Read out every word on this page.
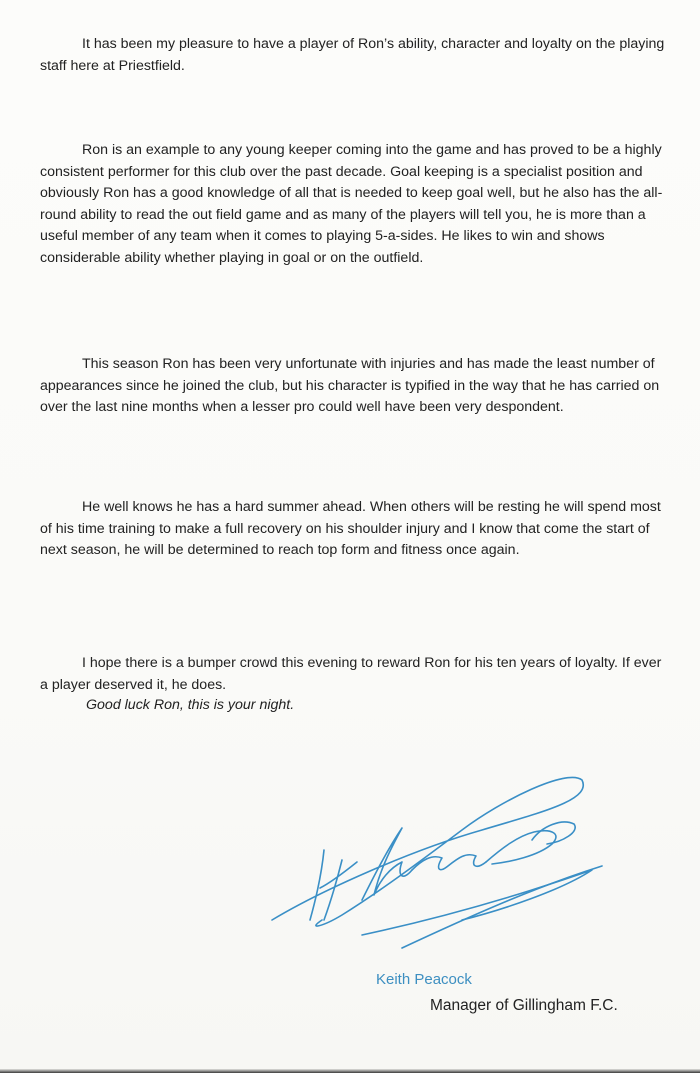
It has been my pleasure to have a player of Ron’s ability, character and loyalty on the playing staff here at Priestfield.

Ron is an example to any young keeper coming into the game and has proved to be a highly consistent performer for this club over the past decade. Goal keeping is a specialist position and obviously Ron has a good knowledge of all that is needed to keep goal well, but he also has the all-round ability to read the out field game and as many of the players will tell you, he is more than a useful member of any team when it comes to playing 5-a-sides. He likes to win and shows considerable ability whether playing in goal or on the outfield.

This season Ron has been very unfortunate with injuries and has made the least number of appearances since he joined the club, but his character is typified in the way that he has carried on over the last nine months when a lesser pro could well have been very despondent.

He well knows he has a hard summer ahead. When others will be resting he will spend most of his time training to make a full recovery on his shoulder injury and I know that come the start of next season, he will be determined to reach top form and fitness once again.

I hope there is a bumper crowd this evening to reward Ron for his ten years of loyalty. If ever a player deserved it, he does.

Good luck Ron, this is your night.

Keith Peacock

Manager of Gillingham F.C.
